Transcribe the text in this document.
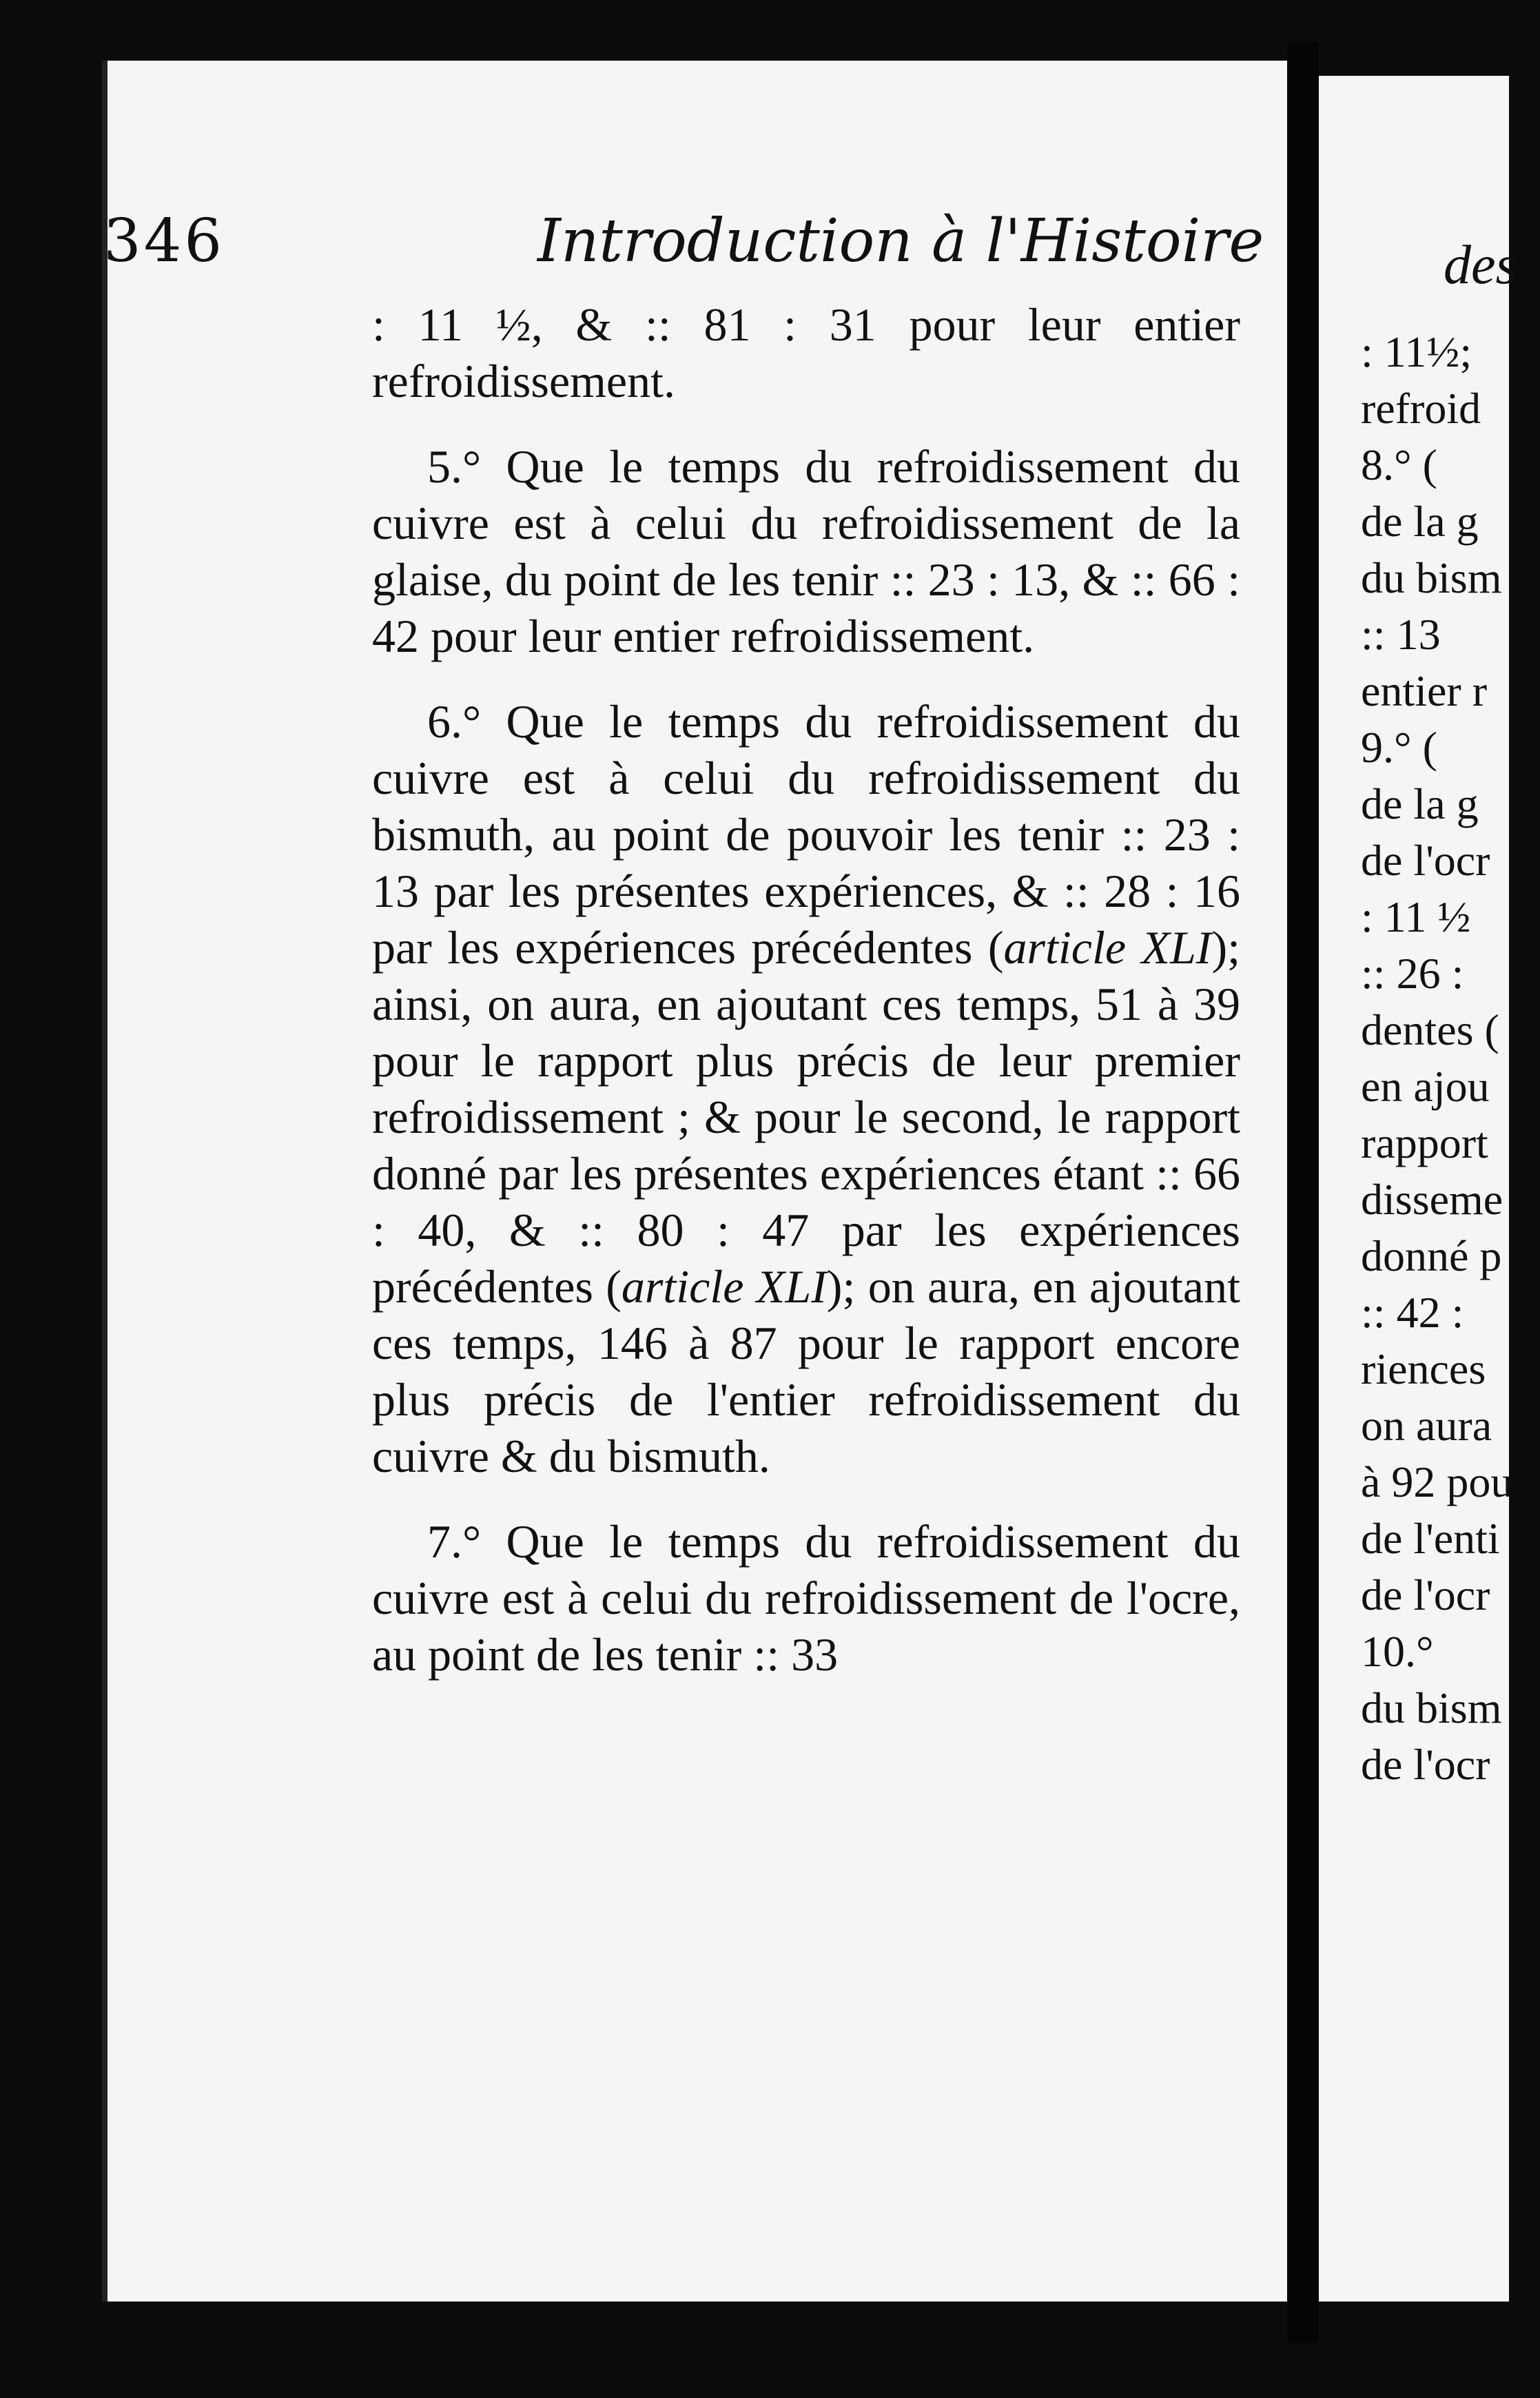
346	Introduction à l'Histoire

: 11 ½, & :: 81 : 31 pour leur entier refroidissement.

5.° Que le temps du refroidissement du cuivre est à celui du refroidissement de la glaise, du point de les tenir :: 23 : 13, & :: 66 : 42 pour leur entier refroidissement.

6.° Que le temps du refroidissement du cuivre est à celui du refroidissement du bismuth, au point de pouvoir les tenir :: 23 : 13 par les présentes expériences, & :: 28 : 16 par les expériences précédentes (article XLI); ainsi, on aura, en ajoutant ces temps, 51 à 39 pour le rapport plus précis de leur premier refroidissement ; & pour le second, le rapport donné par les présentes expériences étant :: 66 : 40, & :: 80 : 47 par les expériences précédentes (article XLI); on aura, en ajoutant ces temps, 146 à 87 pour le rapport encore plus précis de l'entier refroidissement du cuivre & du bismuth.

7.° Que le temps du refroidissement du cuivre est à celui du refroidissement de l'ocre, au point de les tenir :: 33

des
: 11½;
refroid
8.° (
de la g
du bism
:: 13
entier r
9.° (
de la g
de l'ocr
: 11 ½
:: 26 :
dentes (
en ajou
rapport
dissemе
donné p
:: 42 :
riences
on aura
à 92 pou
de l'enti
de l'ocr
10.°
du bism
de l'ocr
